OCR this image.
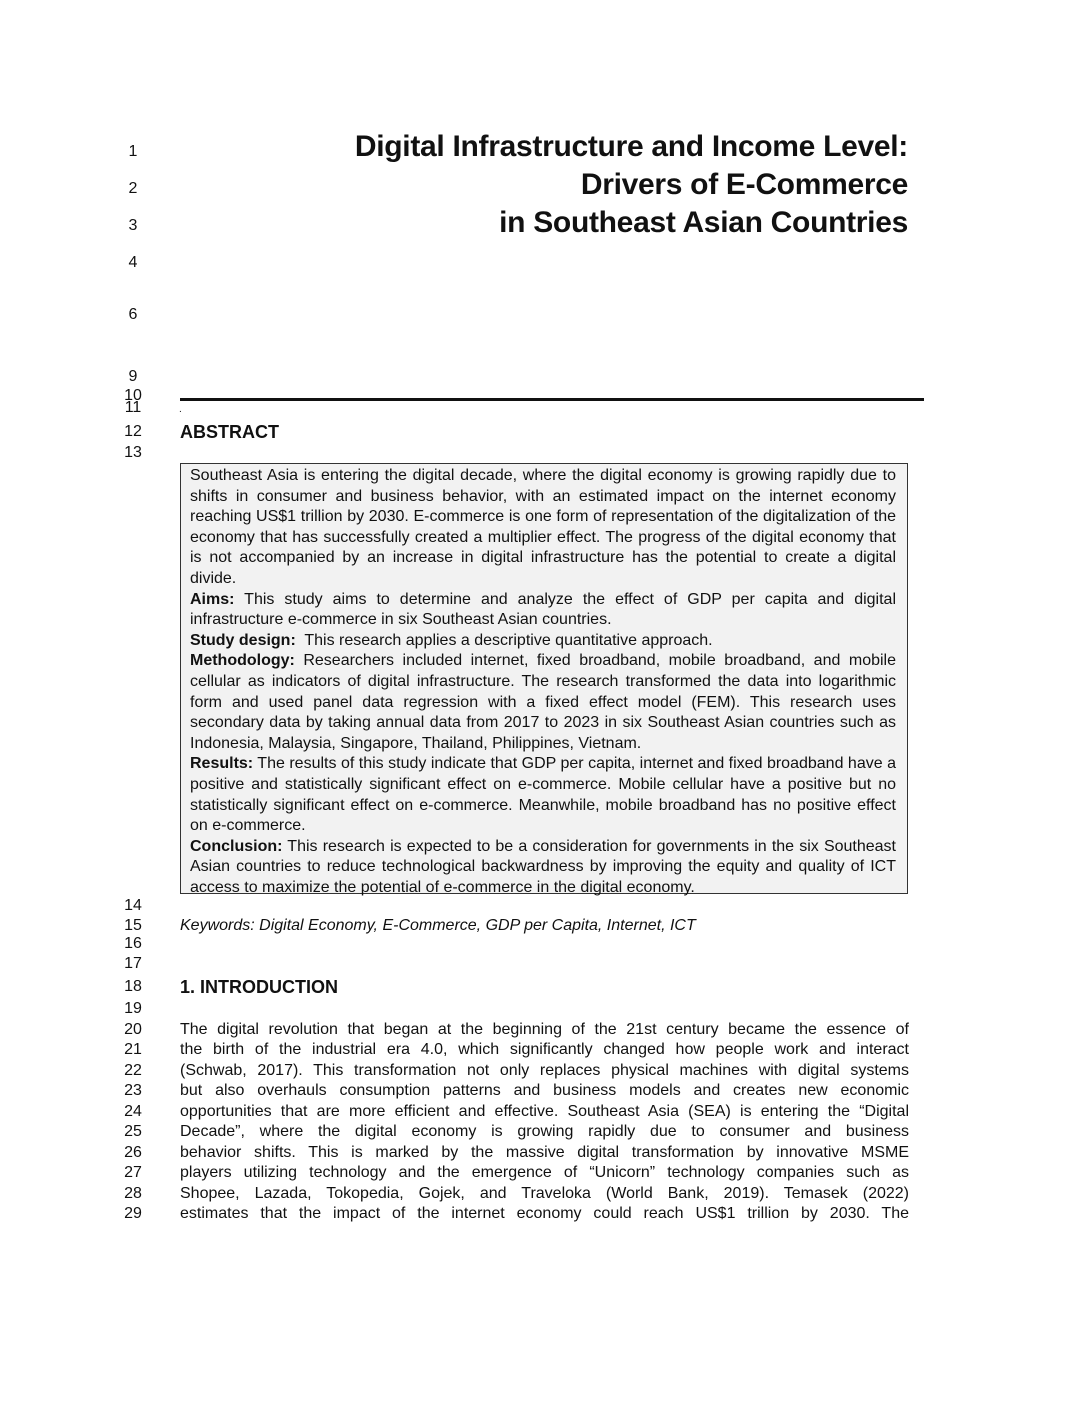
1
2
3
4
6
9
10
11
12
13
14
15
16
17
18
19
20
21
22
23
24
25
26
27
28
29
Digital Infrastructure and Income Level:
Drivers of E-Commerce
in Southeast Asian Countries
.
ABSTRACT

Southeast Asia is entering the digital decade, where the digital economy is growing rapidly due to shifts in consumer and business behavior, with an estimated impact on the internet economy reaching US$1 trillion by 2030. E-commerce is one form of representation of the digitalization of the economy that has successfully created a multiplier effect. The progress of the digital economy that is not accompanied by an increase in digital infrastructure has the potential to create a digital divide.

Aims: This study aims to determine and analyze the effect of GDP per capita and digital infrastructure e-commerce in six Southeast Asian countries.

Study design:  This research applies a descriptive quantitative approach.

Methodology: Researchers included internet, fixed broadband, mobile broadband, and mobile cellular as indicators of digital infrastructure. The research transformed the data into logarithmic form and used panel data regression with a fixed effect model (FEM). This research uses secondary data by taking annual data from 2017 to 2023 in six Southeast Asian countries such as Indonesia, Malaysia, Singapore, Thailand, Philippines, Vietnam.

Results: The results of this study indicate that GDP per capita, internet and fixed broadband have a positive and statistically significant effect on e-commerce. Mobile cellular have a positive but no statistically significant effect on e-commerce. Meanwhile, mobile broadband has no positive effect on e-commerce.

Conclusion: This research is expected to be a consideration for governments in the six Southeast Asian countries to reduce technological backwardness by improving the equity and quality of ICT access to maximize the potential of e-commerce in the digital economy.

Keywords: Digital Economy, E-Commerce, GDP per Capita, Internet, ICT
1. INTRODUCTION
The digital revolution that began at the beginning of the 21st century became the essence of
the birth of the industrial era 4.0, which significantly changed how people work and interact
(Schwab, 2017). This transformation not only replaces physical machines with digital systems
but also overhauls consumption patterns and business models and creates new economic
opportunities that are more efficient and effective. Southeast Asia (SEA) is entering the “Digital
Decade”, where the digital economy is growing rapidly due to consumer and business
behavior shifts. This is marked by the massive digital transformation by innovative MSME
players utilizing technology and the emergence of “Unicorn” technology companies such as
Shopee, Lazada, Tokopedia, Gojek, and Traveloka (World Bank, 2019). Temasek (2022)
estimates that the impact of the internet economy could reach US$1 trillion by 2030. The
